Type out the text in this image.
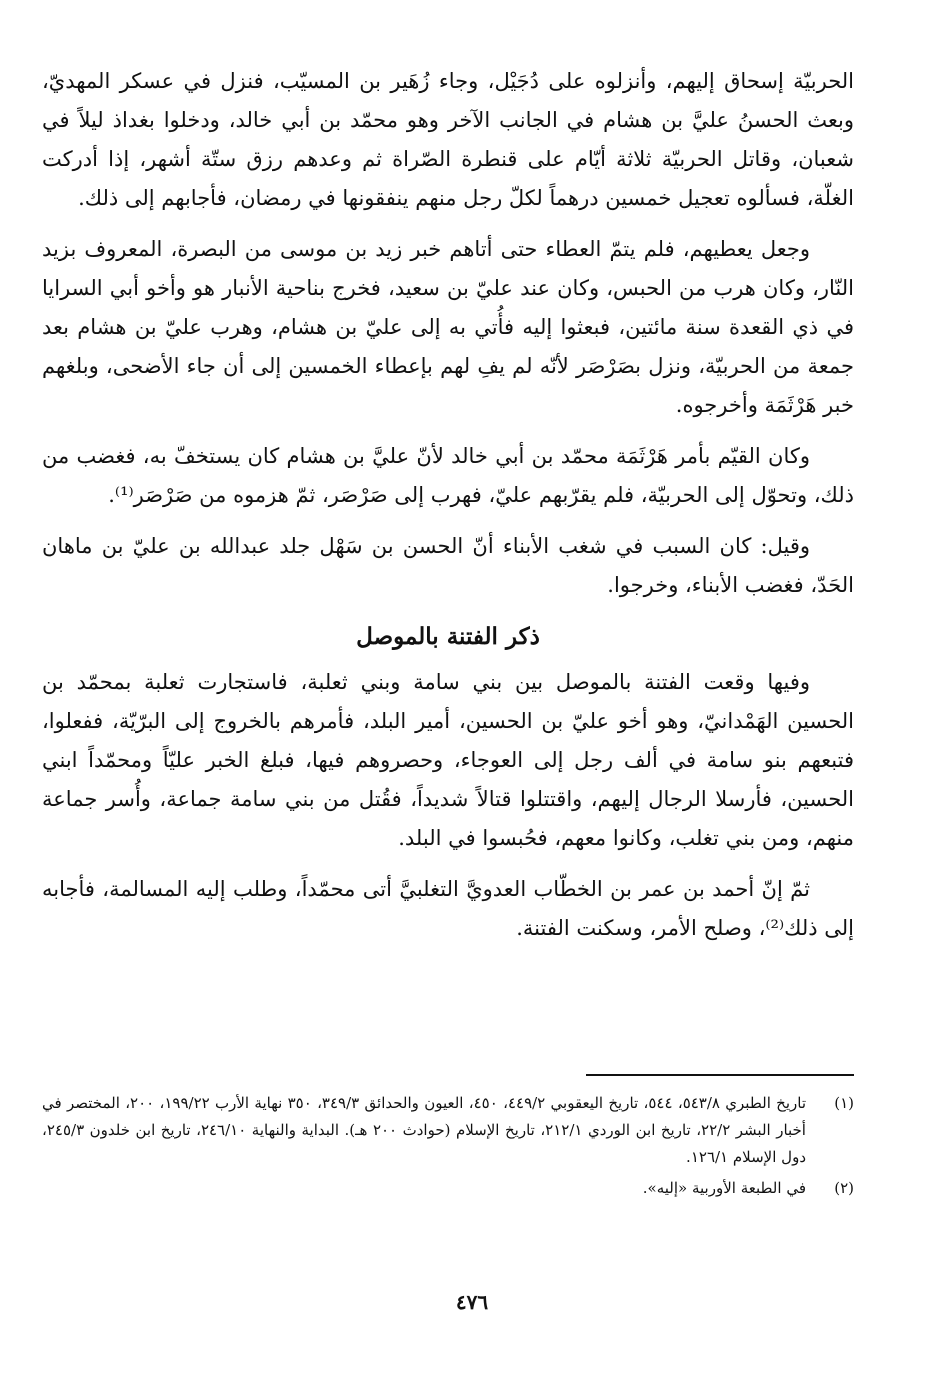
الحربيّة إسحاق إليهم، وأنزلوه على دُجَيْل، وجاء زُهَير بن المسيّب، فنزل في عسكر المهديّ، وبعث الحسنُ عليَّ بن هشام في الجانب الآخر وهو محمّد بن أبي خالد، ودخلوا بغداذ ليلاً في شعبان، وقاتل الحربيّة ثلاثة أيّام على قنطرة الصّراة ثم وعدهم رزق ستّة أشهر، إذا أدركت الغلّة، فسألوه تعجيل خمسين درهماً لكلّ رجل منهم ينفقونها في رمضان، فأجابهم إلى ذلك.

وجعل يعطيهم، فلم يتمّ العطاء حتى أتاهم خبر زيد بن موسى من البصرة، المعروف بزيد النّار، وكان هرب من الحبس، وكان عند عليّ بن سعيد، فخرج بناحية الأنبار هو وأخو أبي السرايا في ذي القعدة سنة مائتين، فبعثوا إليه فأُتي به إلى عليّ بن هشام، وهرب عليّ بن هشام بعد جمعة من الحربيّة، ونزل بصَرْصَر لأنّه لم يفِ لهم بإعطاء الخمسين إلى أن جاء الأضحى، وبلغهم خبر هَرْثَمَة وأخرجوه.

وكان القيّم بأمر هَرْثَمَة محمّد بن أبي خالد لأنّ عليَّ بن هشام كان يستخفّ به، فغضب من ذلك، وتحوّل إلى الحربيّة، فلم يقرّبهم عليّ، فهرب إلى صَرْصَر، ثمّ هزموه من صَرْصَر⁽¹⁾.

وقيل: كان السبب في شغب الأبناء أنّ الحسن بن سَهْل جلد عبدالله بن عليّ بن ماهان الحَدّ، فغضب الأبناء، وخرجوا.

ذكر الفتنة بالموصل

وفيها وقعت الفتنة بالموصل بين بني سامة وبني ثعلبة، فاستجارت ثعلبة بمحمّد بن الحسين الهَمْدانيّ، وهو أخو عليّ بن الحسين، أمير البلد، فأمرهم بالخروج إلى البرّيّة، ففعلوا، فتبعهم بنو سامة في ألف رجل إلى العوجاء، وحصروهم فيها، فبلغ الخبر عليّاً ومحمّداً ابني الحسين، فأرسلا الرجال إليهم، واقتتلوا قتالاً شديداً، فقُتل من بني سامة جماعة، وأُسر جماعة منهم، ومن بني تغلب، وكانوا معهم، فحُبسوا في البلد.

ثمّ إنّ أحمد بن عمر بن الخطّاب العدويَّ التغلبيَّ أتى محمّداً، وطلب إليه المسالمة، فأجابه إلى ذلك⁽²⁾، وصلح الأمر، وسكنت الفتنة.

(١)
تاريخ الطبري ٥٤٣/٨، ٥٤٤، تاريخ اليعقوبي ٤٤٩/٢، ٤٥٠، العيون والحدائق ٣٤٩/٣، ٣٥٠ نهاية الأرب ١٩٩/٢٢، ٢٠٠، المختصر في أخبار البشر ٢٢/٢، تاريخ ابن الوردي ٢١٢/١، تاريخ الإسلام (حوادث ٢٠٠ هـ). البداية والنهاية ٢٤٦/١٠، تاريخ ابن خلدون ٢٤٥/٣، دول الإسلام ١٢٦/١.
(٢)
في الطبعة الأوربية «إليه».
٤٧٦
